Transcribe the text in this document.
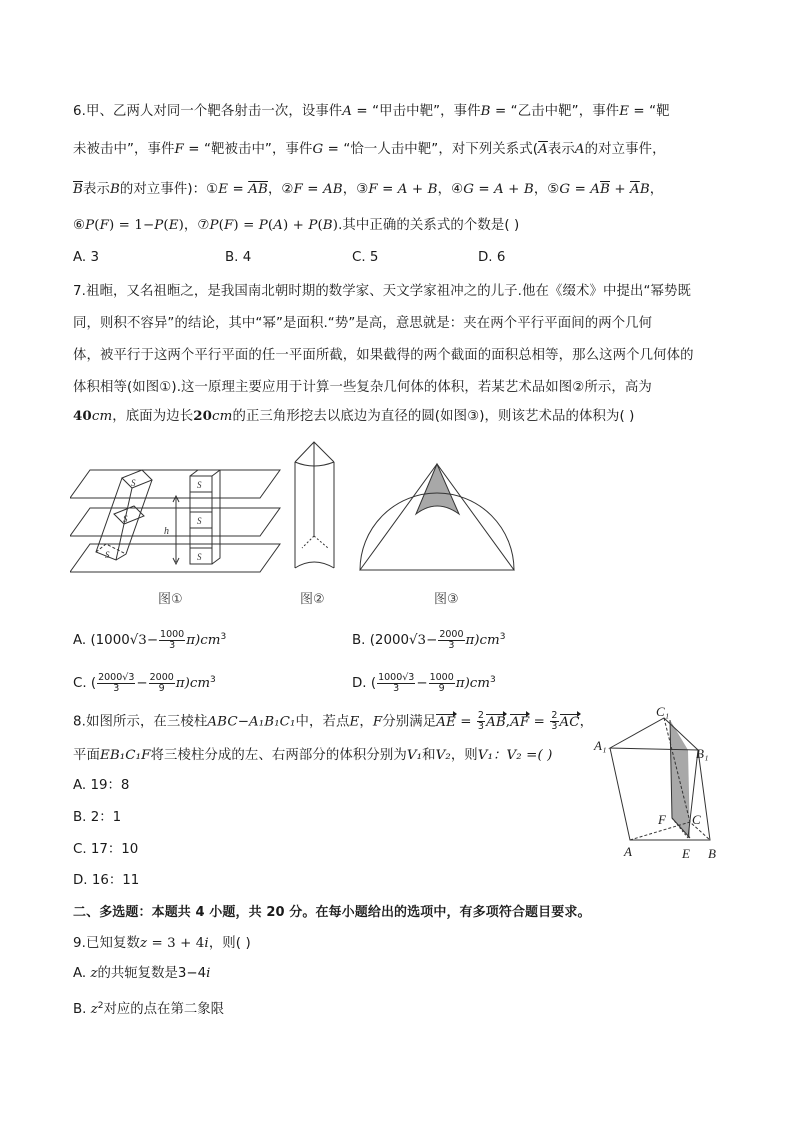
6.甲、乙两人对同一个靶各射击一次，设事件A = “甲击中靶”，事件B = “乙击中靶”，事件E = “靶
未被击中”，事件F = “靶被击中”，事件G = “恰一人击中靶”，对下列关系式($\overline{A}$表示A的对立事件，
$\overline{B}$表示B的对立事件)：①E = $\overline{A}\overline{B}$，②F = AB，③F = A + B，④G = A + B，⑤G = $A\overline{B} + \overline{A}B$，
⑥P(F) = 1−P(E)，⑦P(F) = P(A) + P(B).其中正确的关系式的个数是( )
A. 3	B. 4	C. 5	D. 6
7.祖暅，又名祖暅之，是我国南北朝时期的数学家、天文学家祖冲之的儿子.他在《缀术》中提出“幂势既
同，则积不容异”的结论，其中“幂”是面积.“势”是高，意思就是：夹在两个平行平面间的两个几何
体，被平行于这两个平行平面的任一平面所截，如果截得的两个截面的面积总相等，那么这两个几何体的
体积相等(如图①).这一原理主要应用于计算一些复杂几何体的体积，若某艺术品如图②所示，高为
40cm，底面为边长20cm的正三角形挖去以底边为直径的圆(如图③)，则该艺术品的体积为( )
S
S
S
S
S
S
h
图①	图②	图③
A. $(1000√3- \frac{1000}{3} \pi)cm^3$	B. $(2000√3- \frac{2000}{3} \pi)cm^3$
C. ( $\frac{2000√3}{3} - \frac{2000}{9} \pi)cm^3$	D. ( $\frac{1000√3}{3} - \frac{1000}{9} \pi)cm^3$
8.如图所示，在三棱柱ABC−A₁B₁C₁中，若点E，F分别满足AE = $\frac{2}{3} AB,AF = \frac{2}{3}$ AC，
平面EB₁C₁F将三棱柱分成的左、右两部分的体积分别为V₁和V₂，则V₁：V₂ =( )
A. 19：8
B. 2：1
C. 17：10
D. 16：11
C₁
A₁
B₁
C
F
A	E B
二、多选题：本题共 4 小题，共 20 分。在每小题给出的选项中，有多项符合题目要求。
9.已知复数z = 3 + 4i，则( )
A. z的共轭复数是3−4i
B. $z^2$对应的点在第二象限
